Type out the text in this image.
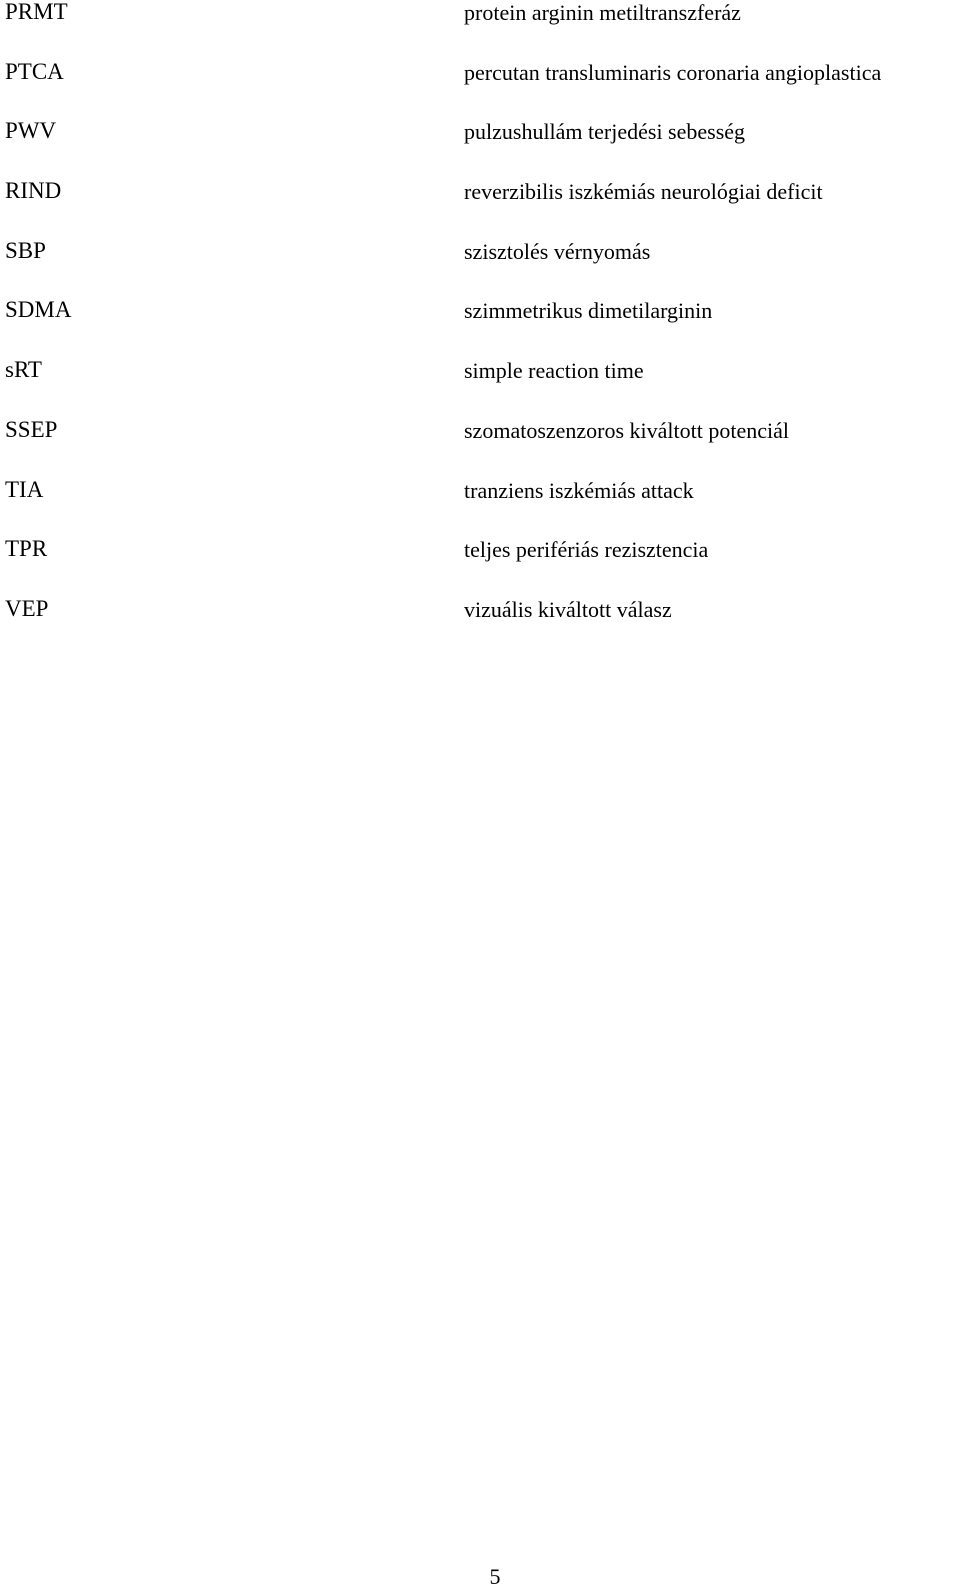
PRMT	protein arginin metiltranszferáz
PTCA	percutan transluminaris coronaria angioplastica
PWV	pulzushullám terjedési sebesség
RIND	reverzibilis iszkémiás neurológiai deficit
SBP	szisztolés vérnyomás
SDMA	szimmetrikus dimetilarginin
sRT	simple reaction time
SSEP	szomatoszenzoros kiváltott potenciál
TIA	tranziens iszkémiás attack
TPR	teljes perifériás rezisztencia
VEP	vizuális kiváltott válasz
5
